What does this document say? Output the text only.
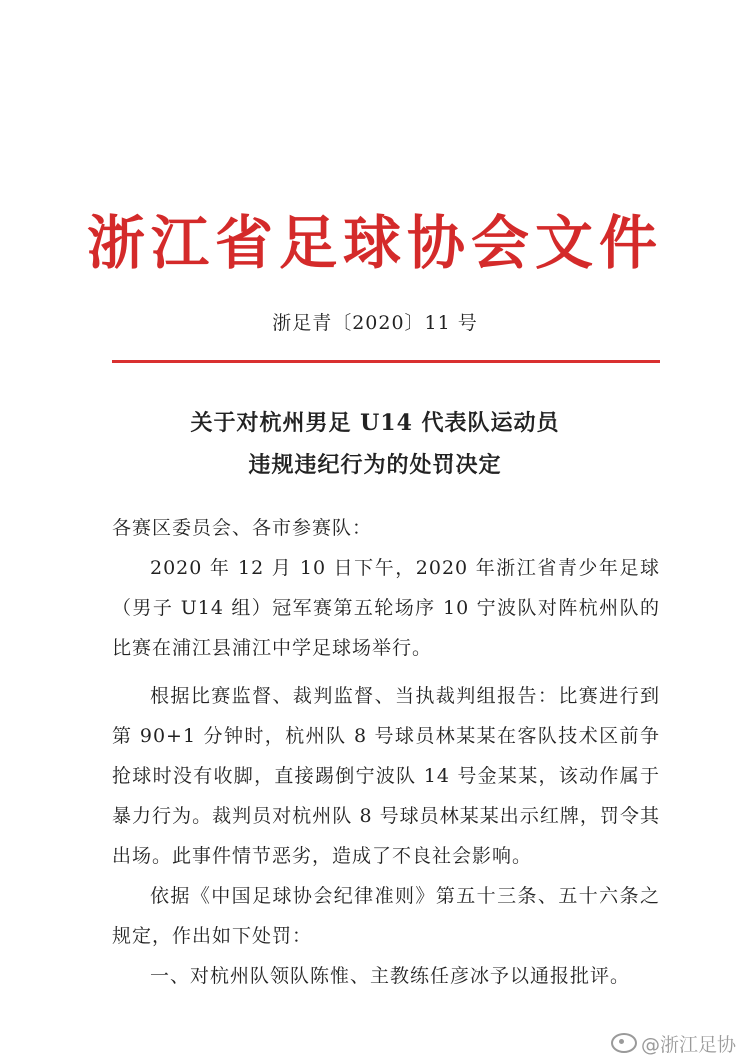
浙江省足球协会文件
浙足青〔2020〕11 号
关于对杭州男足 U14 代表队运动员
违规违纪行为的处罚决定

各赛区委员会、各市参赛队：

2020 年 12 月 10 日下午，2020 年浙江省青少年足球（男子 U14 组）冠军赛第五轮场序 10 宁波队对阵杭州队的比赛在浦江县浦江中学足球场举行。

根据比赛监督、裁判监督、当执裁判组报告：比赛进行到第 90+1 分钟时，杭州队 8 号球员林某某在客队技术区前争抢球时没有收脚，直接踢倒宁波队 14 号金某某，该动作属于暴力行为。裁判员对杭州队 8 号球员林某某出示红牌，罚令其出场。此事件情节恶劣，造成了不良社会影响。

依据《中国足球协会纪律准则》第五十三条、五十六条之规定，作出如下处罚：

一、对杭州队领队陈惟、主教练任彦冰予以通报批评。

@浙江足协
